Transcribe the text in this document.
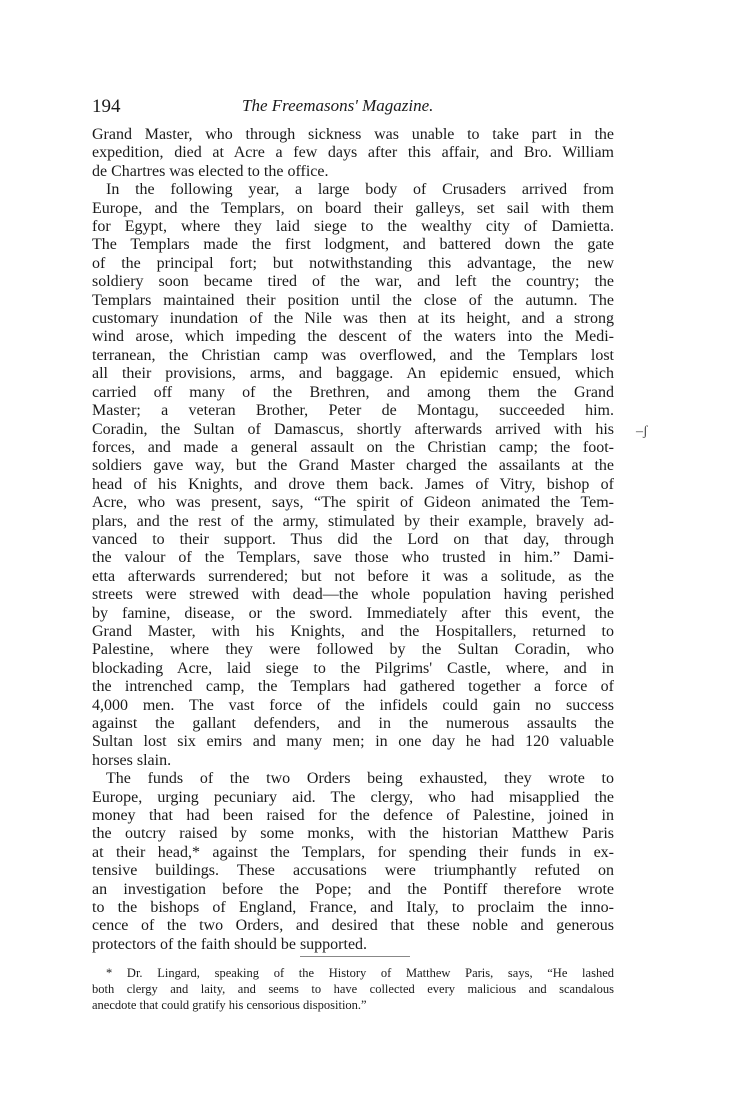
194	The Freemasons' Magazine.
Grand Master, who through sickness was unable to take part in the
expedition, died at Acre a few days after this affair, and Bro. William
de Chartres was elected to the office.
In the following year, a large body of Crusaders arrived from
Europe, and the Templars, on board their galleys, set sail with them
for Egypt, where they laid siege to the wealthy city of Damietta.
The Templars made the first lodgment, and battered down the gate
of the principal fort; but notwithstanding this advantage, the new
soldiery soon became tired of the war, and left the country; the
Templars maintained their position until the close of the autumn. The
customary inundation of the Nile was then at its height, and a strong
wind arose, which impeding the descent of the waters into the Medi-
terranean, the Christian camp was overflowed, and the Templars lost
all their provisions, arms, and baggage. An epidemic ensued, which
carried off many of the Brethren, and among them the Grand
Master; a veteran Brother, Peter de Montagu, succeeded him.
Coradin, the Sultan of Damascus, shortly afterwards arrived with his
forces, and made a general assault on the Christian camp; the foot-
soldiers gave way, but the Grand Master charged the assailants at the
head of his Knights, and drove them back. James of Vitry, bishop of
Acre, who was present, says, “The spirit of Gideon animated the Tem-
plars, and the rest of the army, stimulated by their example, bravely ad-
vanced to their support. Thus did the Lord on that day, through
the valour of the Templars, save those who trusted in him.” Dami-
etta afterwards surrendered; but not before it was a solitude, as the
streets were strewed with dead—the whole population having perished
by famine, disease, or the sword. Immediately after this event, the
Grand Master, with his Knights, and the Hospitallers, returned to
Palestine, where they were followed by the Sultan Coradin, who
blockading Acre, laid siege to the Pilgrims' Castle, where, and in
the intrenched camp, the Templars had gathered together a force of
4,000 men. The vast force of the infidels could gain no success
against the gallant defenders, and in the numerous assaults the
Sultan lost six emirs and many men; in one day he had 120 valuable
horses slain.
The funds of the two Orders being exhausted, they wrote to
Europe, urging pecuniary aid. The clergy, who had misapplied the
money that had been raised for the defence of Palestine, joined in
the outcry raised by some monks, with the historian Matthew Paris
at their head,* against the Templars, for spending their funds in ex-
tensive buildings. These accusations were triumphantly refuted on
an investigation before the Pope; and the Pontiff therefore wrote
to the bishops of England, France, and Italy, to proclaim the inno-
cence of the two Orders, and desired that these noble and generous
protectors of the faith should be supported.
–ʃ
* Dr. Lingard, speaking of the History of Matthew Paris, says, “He lashed
both clergy and laity, and seems to have collected every malicious and scandalous
anecdote that could gratify his censorious disposition.”
